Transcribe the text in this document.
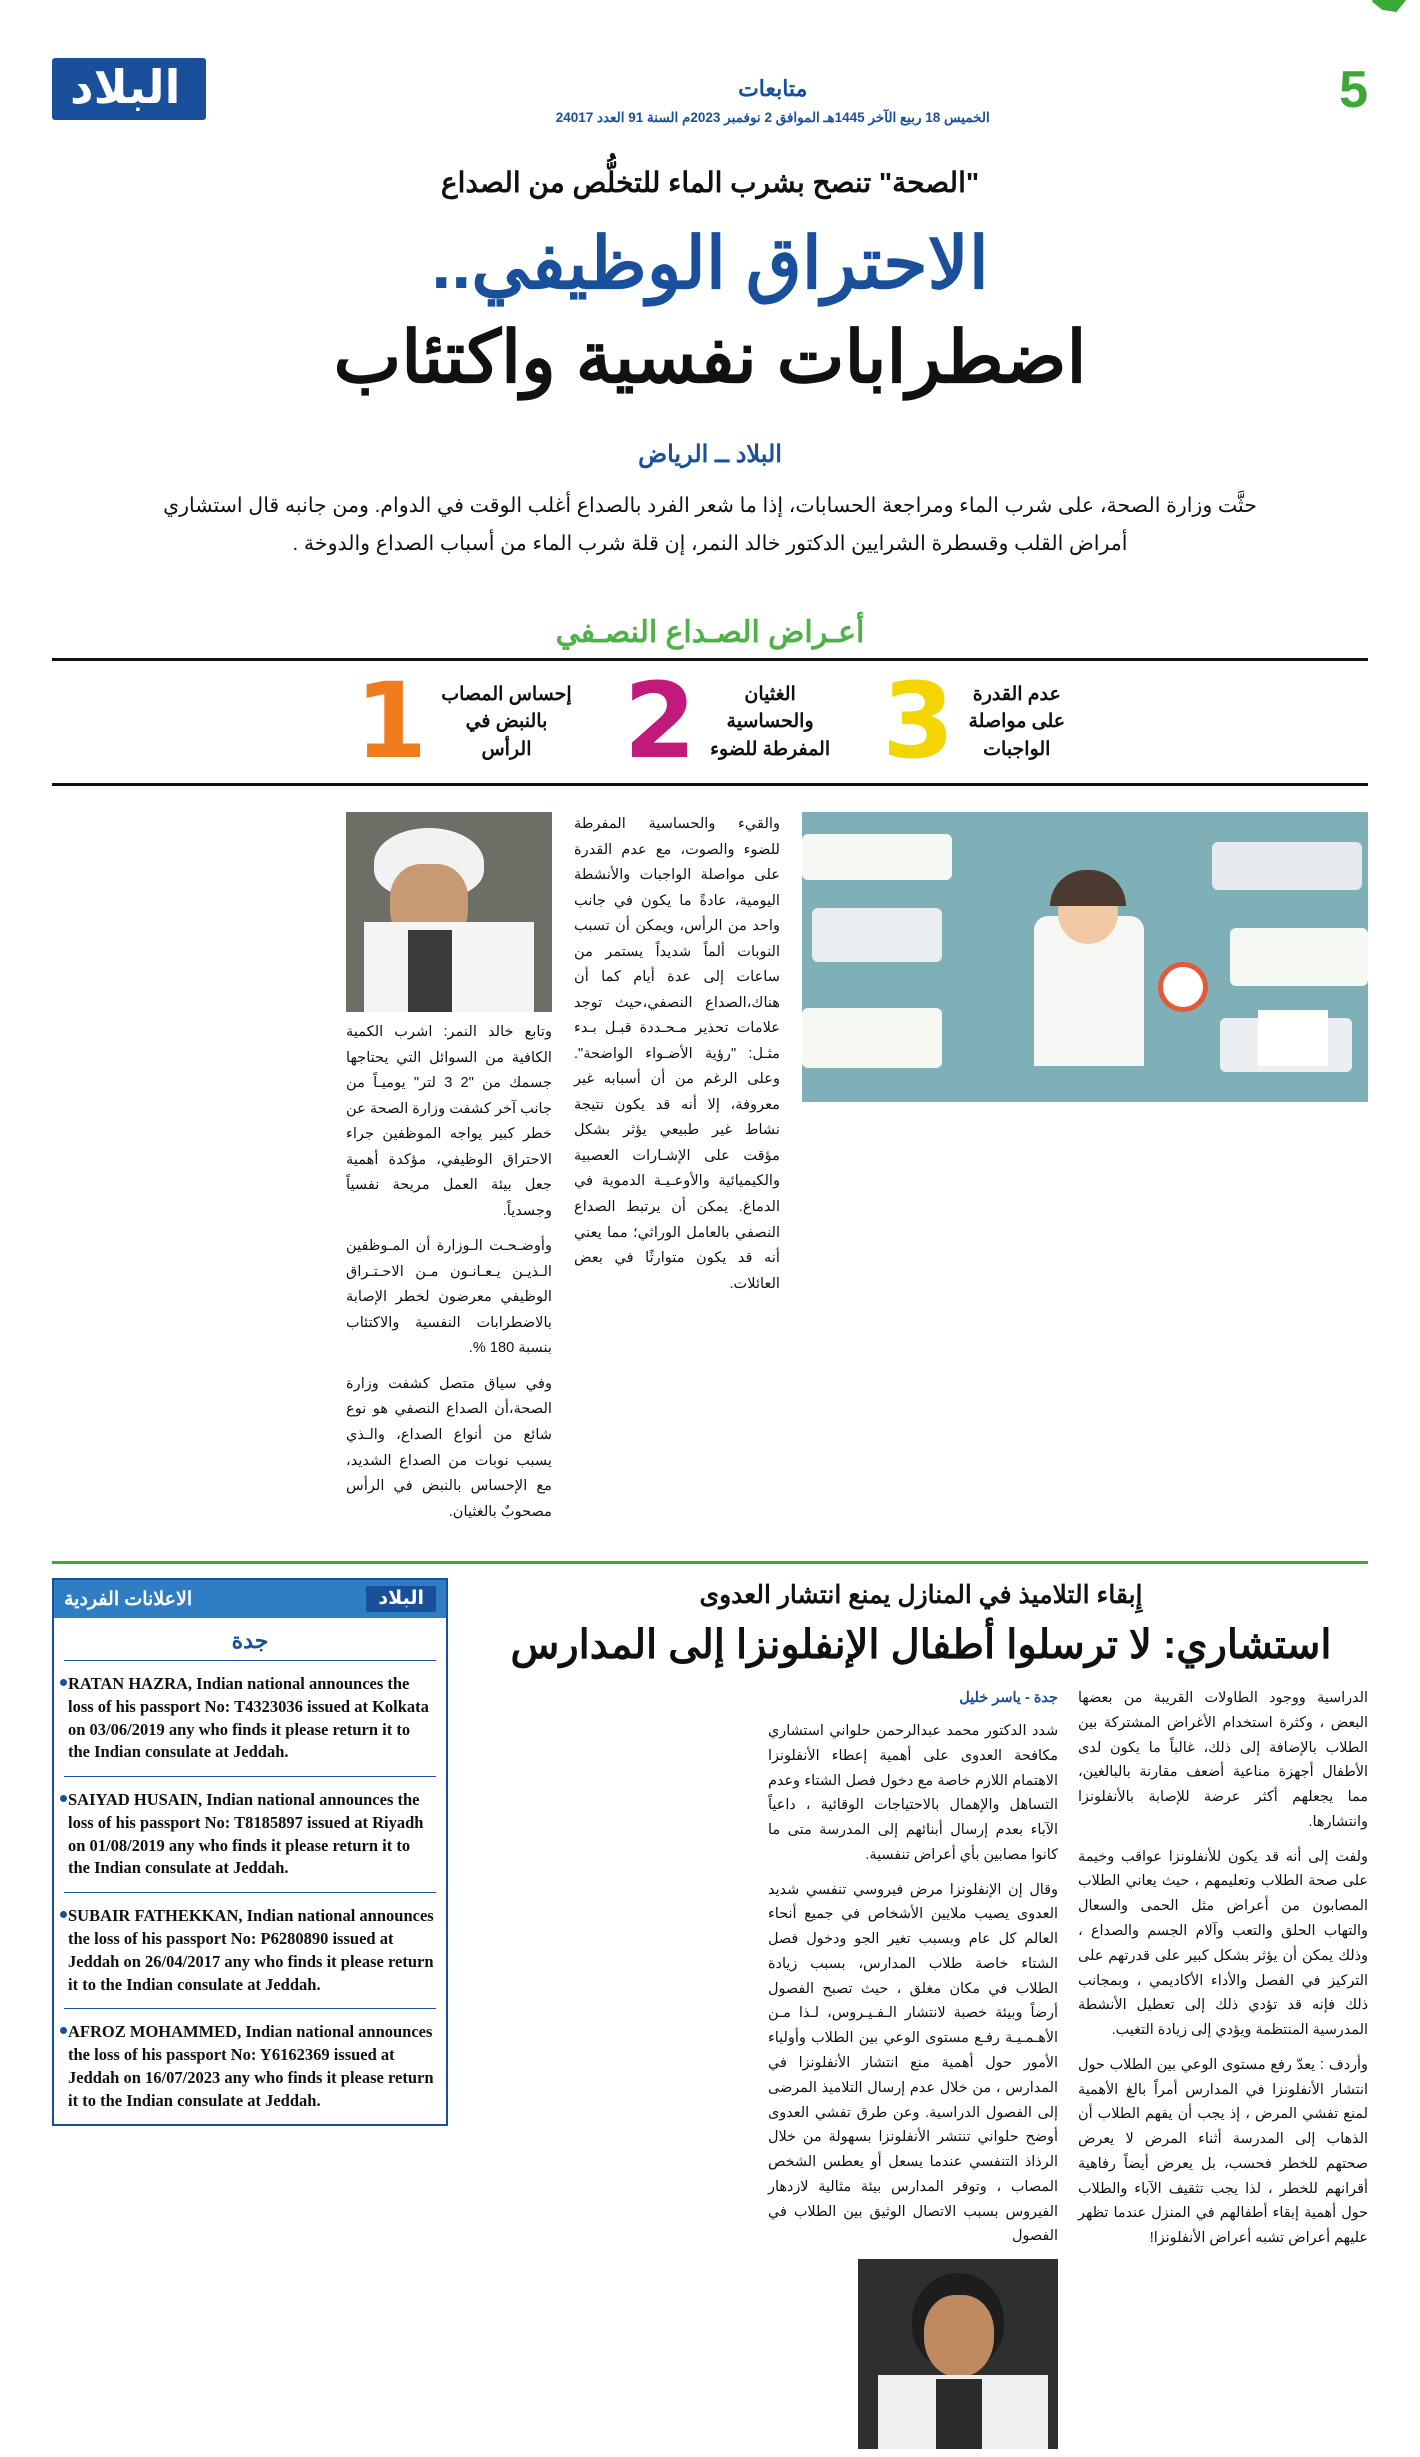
5
متابعات
الخميس 18 ربيع الآخر 1445هـ الموافق 2 نوفمبر 2023م السنة 91 العدد 24017
البلاد
"الصحة" تنصح بشرب الماء للتخلُّص من الصداع
الاحتراق الوظيفي..
اضطرابات نفسية واكتئاب
البلاد ــ الرياض
حثَّت وزارة الصحة، على شرب الماء ومراجعة الحسابات، إذا ما شعر الفرد بالصداع أغلب الوقت في الدوام. ومن جانبه قال استشاري أمراض القلب وقسطرة الشرايين الدكتور خالد النمر، إن قلة شرب الماء من أسباب الصداع والدوخة .
أعـراض الصـداع النصـفي
عدم القدرة
على مواصلة
الواجبات
3
الغثيان
والحساسية
المفرطة للضوء
2
إحساس المصاب
بالنبض في
الرأس
1
والقيء والحساسية المفرطة للضوء والصوت، مع عدم القدرة على مواصلة الواجبات والأنشطة اليومية، عادةً ما يكون في جانب واحد من الرأس، ويمكن أن تسبب النوبات ألماً شديداً يستمر من ساعات إلى عدة أيام كما أن هناك،الصداع النصفي،حيث توجد علامات تحذير مـحـددة قبـل بـدء مثـل: "رؤية الأضـواء الواضحة". وعلى الرغم من أن أسبابه غير معروفة، إلا أنه قد يكون نتيجة نشاط غير طبيعي يؤثر بشكل مؤقت على الإشـارات العصبية والكيميائية والأوعـيـة الدموية في الدماغ. يمكن أن يرتبط الصداع النصفي بالعامل الوراثي؛ مما يعني أنه قد يكون متوارثًا في بعض العائلات.

وتابع خالد النمر: اشرب الكمية الكافية من السوائل التي يحتاجها جسمك من "2 3 لتر" يوميـاً من جانب آخر كشفت وزارة الصحة عن خطر كبير يواجه الموظفين جراء الاحتراق الوظيفي، مؤكدة أهمية جعل بيئة العمل مريحة نفسياً وجسدياً.

وأوضـحـت الـوزارة أن المـوظفين الـذيـن يـعـانـون مـن الاحـتـراق الوظيفي معرضون لخطر الإصابة بالاضطرابات النفسية والاكتئاب بنسبة 180 %.

وفي سياق متصل كشفت وزارة الصحة،أن الصداع النصفي هو نوع شائع من أنواع الصداع، والـذي يسبب نوبات من الصداع الشديد، مع الإحساس بالنبض في الرأس مصحوبٌ بالغثيان.

إِبقاء التلاميذ في المنازل يمنع انتشار العدوى
استشاري: لا ترسلوا أطفال الإنفلونزا إلى المدارس

الدراسية ووجود الطاولات القريبة من بعضها البعض ، وكثرة استخدام الأغراض المشتركة بين الطلاب بالإضافة إلى ذلك، غالباً ما يكون لدى الأطفال أجهزة مناعية أضعف مقارنة بالبالغين، مما يجعلهم أكثر عرضة للإصابة بالأنفلونزا وانتشارها.

ولفت إلى أنه قد يكون للأنفلونزا عواقب وخيمة على صحة الطلاب وتعليمهم ، حيث يعاني الطلاب المصابون من أعراض مثل الحمى والسعال والتهاب الحلق والتعب وآلام الجسم والصداع ، وذلك يمكن أن يؤثر بشكل كبير على قدرتهم على التركيز في الفصل والأداء الأكاديمي ، وبمجانب ذلك فإنه قد تؤدي ذلك إلى تعطيل الأنشطة المدرسية المنتظمة ويؤدي إلى زيادة التغيب.

وأردف : يعدّ رفع مستوى الوعي بين الطلاب حول انتشار الأنفلونزا في المدارس أمراً بالغ الأهمية لمنع تفشي المرض ، إذ يجب أن يفهم الطلاب أن الذهاب إلى المدرسة أثناء المرض لا يعرض صحتهم للخطر فحسب، بل يعرض أيضاً رفاهية أقرانهم للخطر ، لذا يجب تثقيف الآباء والطلاب حول أهمية إبقاء أطفالهم في المنزل عندما تظهر عليهم أعراض تشبه أعراض الأنفلونزا!

جدة - ياسر خليل

شدد الدكتور محمد عبدالرحمن حلواني استشاري مكافحة العدوى على أهمية إعطاء الأنفلونزا الاهتمام اللازم خاصة مع دخول فصل الشتاء وعدم التساهل والإهمال بالاحتياجات الوقائية ، داعياً الآباء بعدم إرسال أبنائهم إلى المدرسة متى ما كانوا مصابين بأي أعراض تنفسية.

وقال إن الإنفلونزا مرض فيروسي تنفسي شديد العدوى يصيب ملايين الأشخاص في جميع أنحاء العالم كل عام وبسبب تغير الجو ودخول فصل الشتاء خاصة طلاب المدارس، بسبب زيادة الطلاب في مكان مغلق ، حيث تصبح الفصول أرضاً وبيئة خصبة لانتشار الـفـيـروس، لـذا مـن الأهـمـيـة رفـع مستوى الوعي بين الطلاب وأولياء الأمور حول أهمية منع انتشار الأنفلونزا في المدارس ، من خلال عدم إرسال التلاميذ المرضى إلى الفصول الدراسية. وعن طرق تفشي العدوى أوضح حلواني تنتشر الأنفلونزا بسهولة من خلال الرذاذ التنفسي عندما يسعل أو يعطس الشخص المصاب ، وتوفر المدارس بيئة مثالية لازدهار الفيروس بسبب الاتصال الوثيق بين الطلاب في الفصول

البلاد
الاعلانات الفردية
جدة
RATAN HAZRA, Indian national announces the loss of his passport No: T4323036 issued at Kolkata on 03/06/2019 any who finds it please return it to the Indian consulate at Jeddah.
SAIYAD HUSAIN, Indian national announces the loss of his passport No: T8185897 issued at Riyadh on 01/08/2019 any who finds it please return it to the Indian consulate at Jeddah.
SUBAIR FATHEKKAN, Indian national announces the loss of his passport No: P6280890 issued at Jeddah on 26/04/2017 any who finds it please return it to the Indian consulate at Jeddah.
AFROZ MOHAMMED, Indian national announces the loss of his passport No: Y6162369 issued at Jeddah on 16/07/2023 any who finds it please return it to the Indian consulate at Jeddah.
